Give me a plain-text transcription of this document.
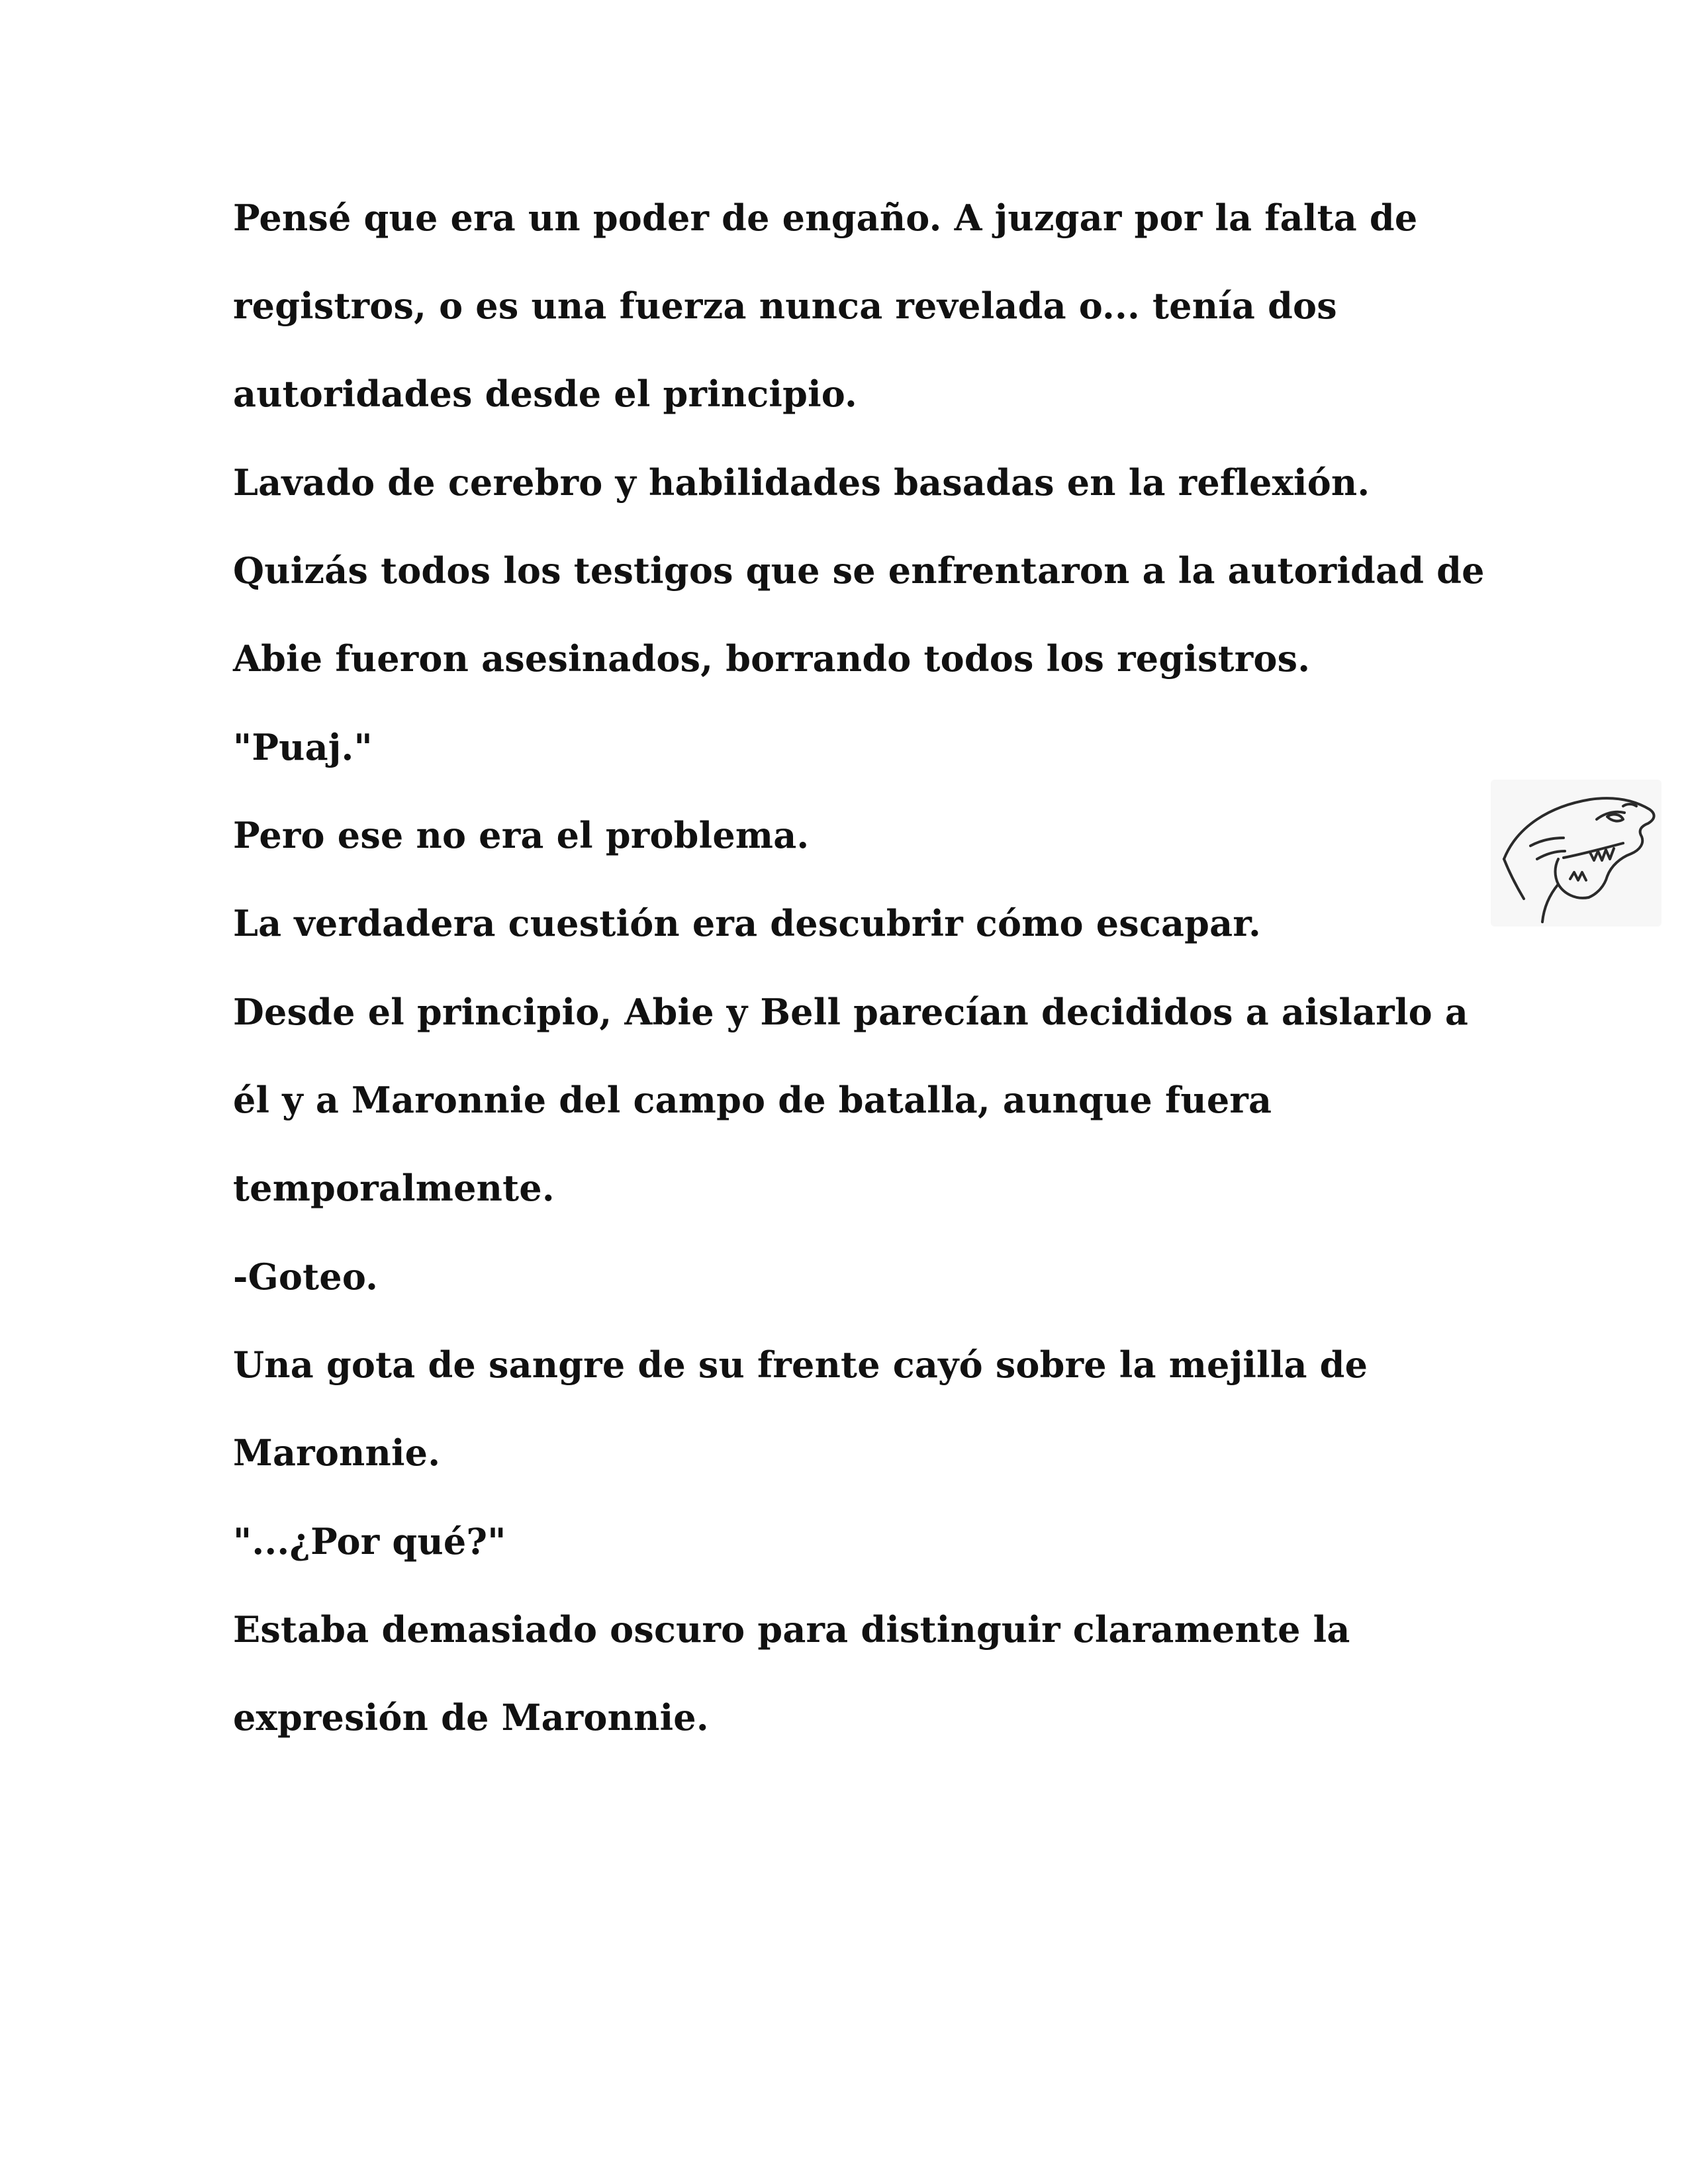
Pensé que era un poder de engaño. A juzgar por la falta de
registros, o es una fuerza nunca revelada o... tenía dos
autoridades desde el principio.
Lavado de cerebro y habilidades basadas en la reflexión.
Quizás todos los testigos que se enfrentaron a la autoridad de
Abie fueron asesinados, borrando todos los registros.
"Puaj."
Pero ese no era el problema.
La verdadera cuestión era descubrir cómo escapar.
Desde el principio, Abie y Bell parecían decididos a aislarlo a
él y a Maronnie del campo de batalla, aunque fuera
temporalmente.
-Goteo.
Una gota de sangre de su frente cayó sobre la mejilla de
Maronnie.
"...¿Por qué?"
Estaba demasiado oscuro para distinguir claramente la
expresión de Maronnie.
